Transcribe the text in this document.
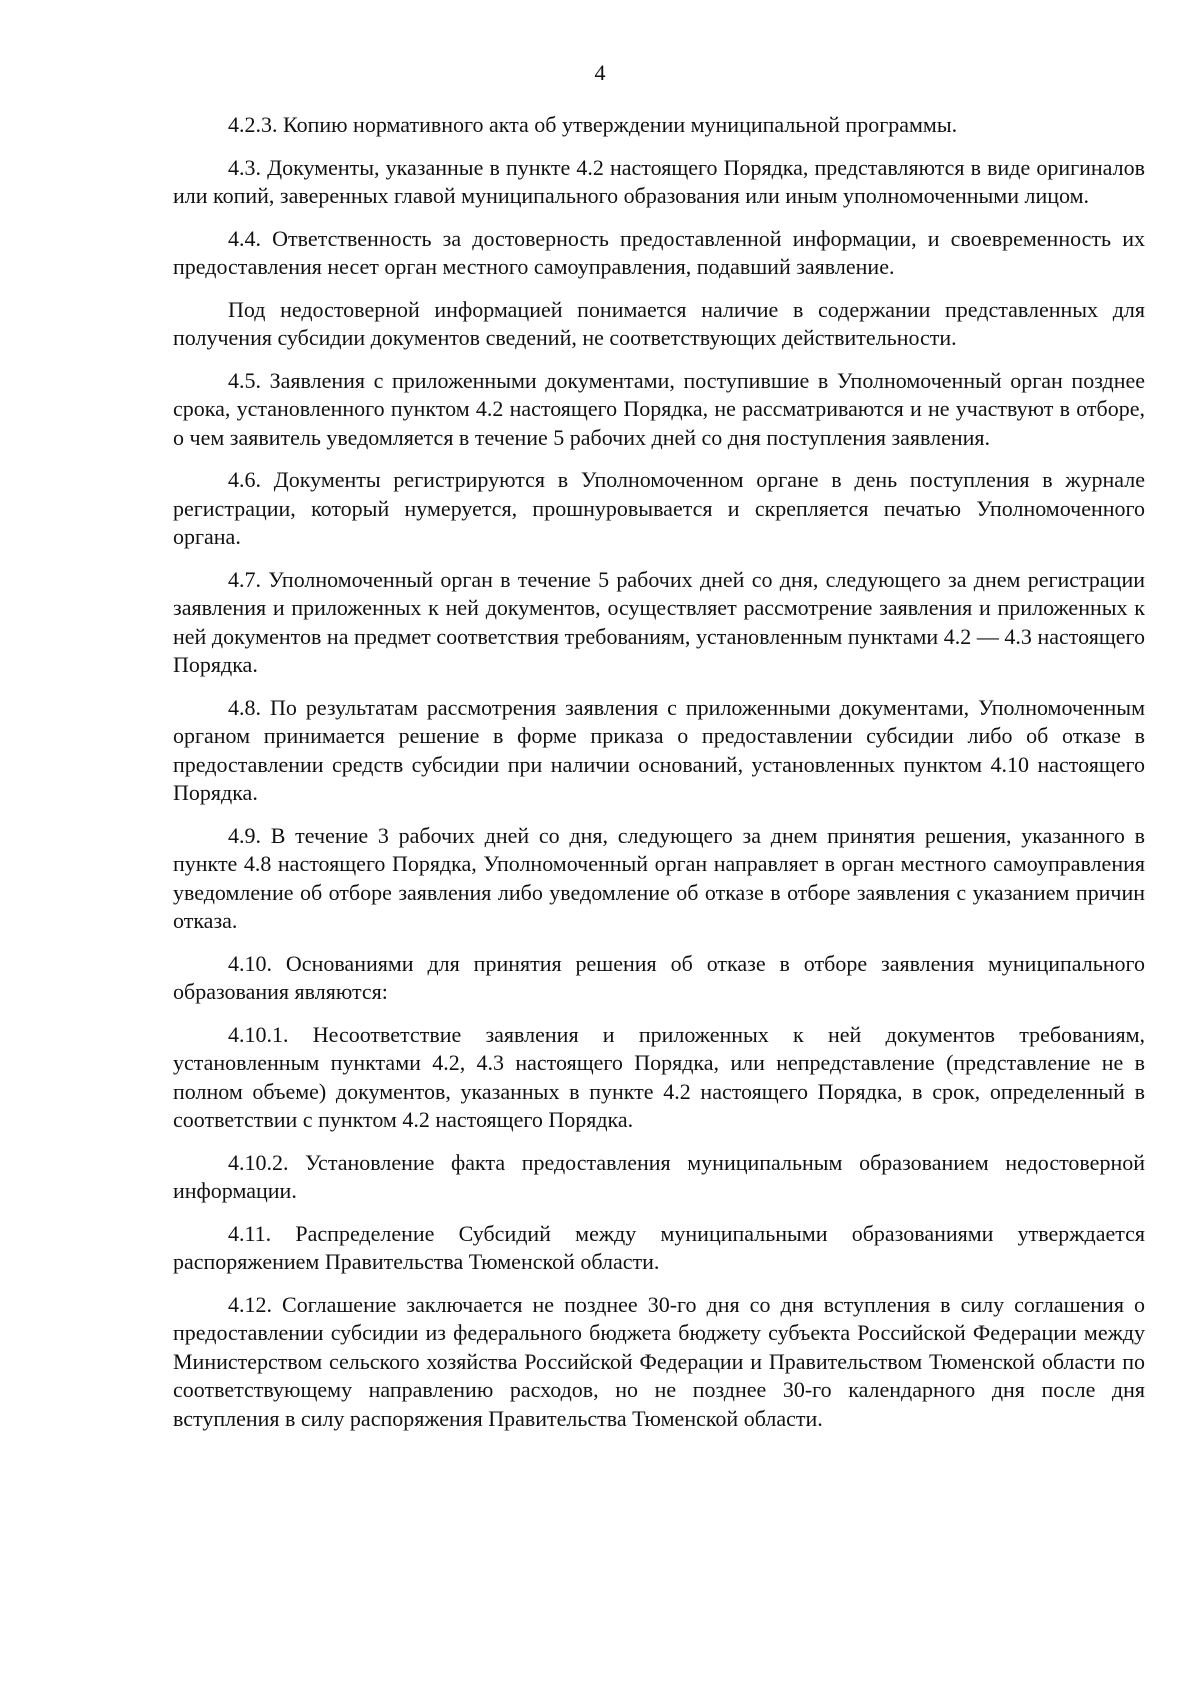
4

4.2.3. Копию нормативного акта об утверждении муниципальной программы.

4.3. Документы, указанные в пункте 4.2 настоящего Порядка, представляются в виде оригиналов или копий, заверенных главой муниципального образования или иным уполномоченными лицом.

4.4. Ответственность за достоверность предоставленной информации, и своевременность их предоставления несет орган местного самоуправления, подавший заявление.

Под недостоверной информацией понимается наличие в содержании представленных для получения субсидии документов сведений, не соответствующих действительности.

4.5. Заявления с приложенными документами, поступившие в Уполномоченный орган позднее срока, установленного пунктом 4.2 настоящего Порядка, не рассматриваются и не участвуют в отборе, о чем заявитель уведомляется в течение 5 рабочих дней со дня поступления заявления.

4.6. Документы регистрируются в Уполномоченном органе в день поступления в журнале регистрации, который нумеруется, прошнуровывается и скрепляется печатью Уполномоченного органа.

4.7. Уполномоченный орган в течение 5 рабочих дней со дня, следующего за днем регистрации заявления и приложенных к ней документов, осуществляет рассмотрение заявления и приложенных к ней документов на предмет соответствия требованиям, установленным пунктами 4.2 — 4.3 настоящего Порядка.

4.8. По результатам рассмотрения заявления с приложенными документами, Уполномоченным органом принимается решение в форме приказа о предоставлении субсидии либо об отказе в предоставлении средств субсидии при наличии оснований, установленных пунктом 4.10 настоящего Порядка.

4.9. В течение 3 рабочих дней со дня, следующего за днем принятия решения, указанного в пункте 4.8 настоящего Порядка, Уполномоченный орган направляет в орган местного самоуправления уведомление об отборе заявления либо уведомление об отказе в отборе заявления с указанием причин отказа.

4.10. Основаниями для принятия решения об отказе в отборе заявления муниципального образования являются:

4.10.1. Несоответствие заявления и приложенных к ней документов требованиям, установленным пунктами 4.2, 4.3 настоящего Порядка, или непредставление (представление не в полном объеме) документов, указанных в пункте 4.2 настоящего Порядка, в срок, определенный в соответствии с пунктом 4.2 настоящего Порядка.

4.10.2. Установление факта предоставления муниципальным образованием недостоверной информации.

4.11. Распределение Субсидий между муниципальными образованиями утверждается распоряжением Правительства Тюменской области.

4.12. Соглашение заключается не позднее 30-го дня со дня вступления в силу соглашения о предоставлении субсидии из федерального бюджета бюджету субъекта Российской Федерации между Министерством сельского хозяйства Российской Федерации и Правительством Тюменской области по соответствующему направлению расходов, но не позднее 30-го календарного дня после дня вступления в силу распоряжения Правительства Тюменской области.
